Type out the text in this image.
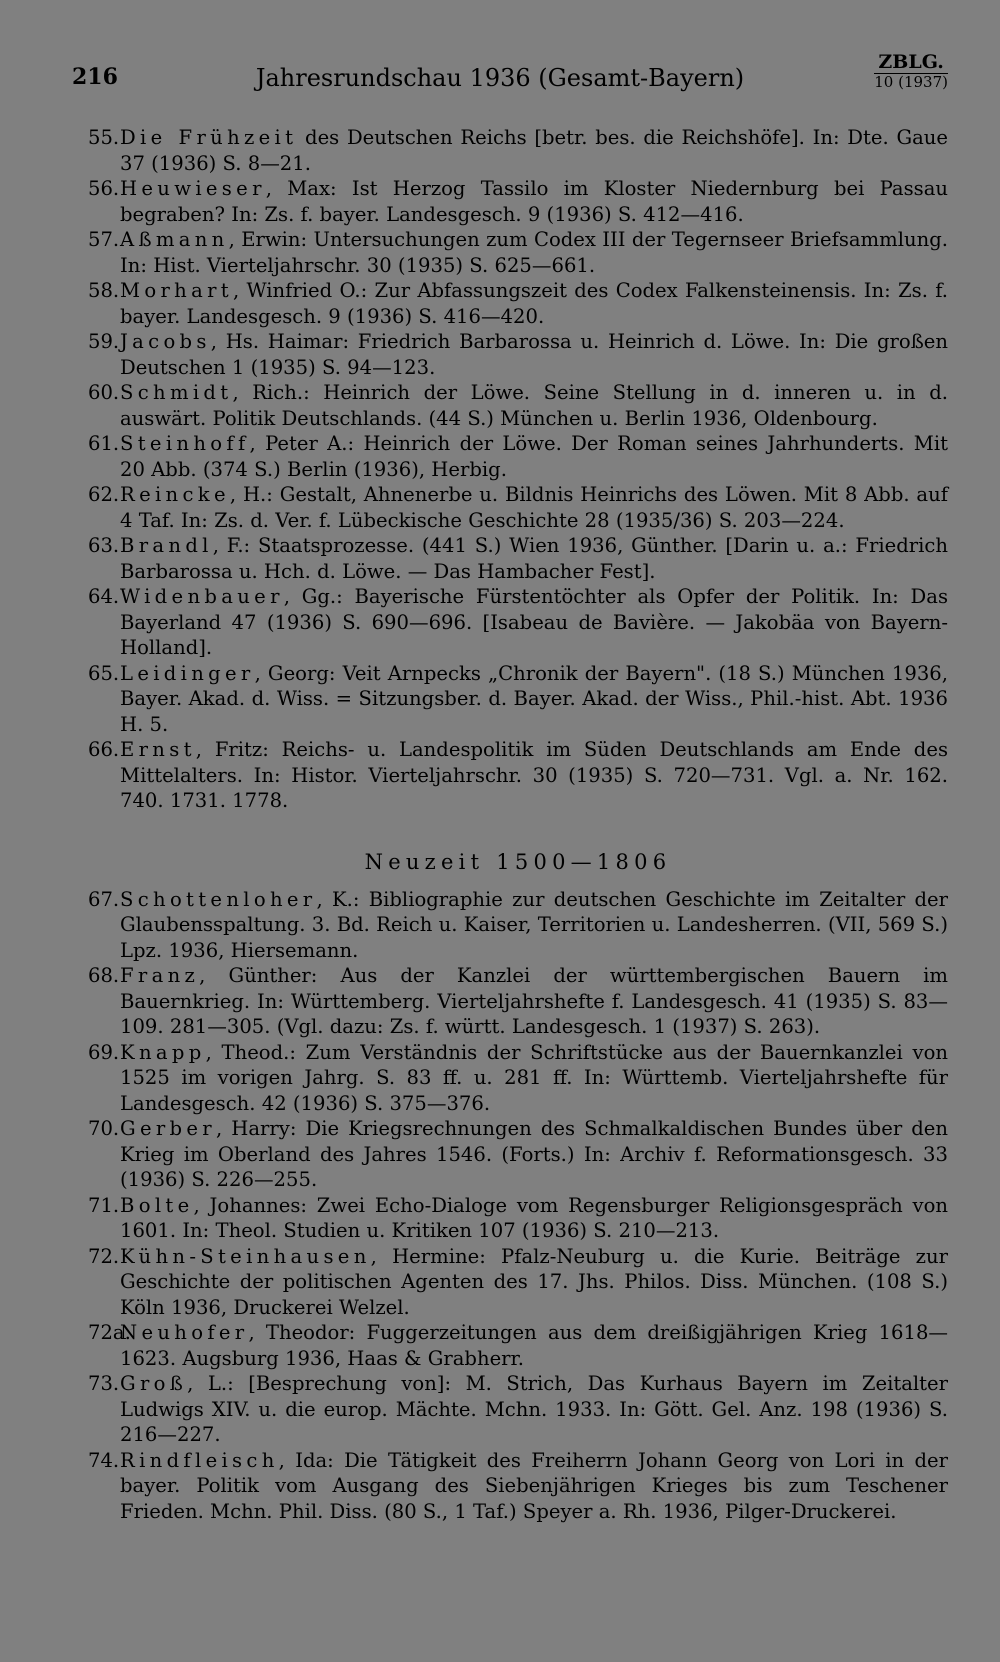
216	Jahresrundschau 1936 (Gesamt-Bayern)
ZBLG.
10 (1937)

55. Die Frühzeit des Deutschen Reichs [betr. bes. die Reichshöfe]. In: Dte. Gaue 37 (1936) S. 8—21.

56. Heuwieser, Max: Ist Herzog Tassilo im Kloster Niedernburg bei Passau begraben? In: Zs. f. bayer. Landesgesch. 9 (1936) S. 412—416.

57. Aßmann, Erwin: Untersuchungen zum Codex III der Tegernseer Briefsammlung. In: Hist. Vierteljahrschr. 30 (1935) S. 625—661.

58. Morhart, Winfried O.: Zur Abfassungszeit des Codex Falkensteinensis. In: Zs. f. bayer. Landesgesch. 9 (1936) S. 416—420.

59. Jacobs, Hs. Haimar: Friedrich Barbarossa u. Heinrich d. Löwe. In: Die großen Deutschen 1 (1935) S. 94—123.

60. Schmidt, Rich.: Heinrich der Löwe. Seine Stellung in d. inneren u. in d. auswärt. Politik Deutschlands. (44 S.) München u. Berlin 1936, Oldenbourg.

61. Steinhoff, Peter A.: Heinrich der Löwe. Der Roman seines Jahrhunderts. Mit 20 Abb. (374 S.) Berlin (1936), Herbig.

62. Reincke, H.: Gestalt, Ahnenerbe u. Bildnis Heinrichs des Löwen. Mit 8 Abb. auf 4 Taf. In: Zs. d. Ver. f. Lübeckische Geschichte 28 (1935/36) S. 203—224.

63. Brandl, F.: Staatsprozesse. (441 S.) Wien 1936, Günther. [Darin u. a.: Friedrich Barbarossa u. Hch. d. Löwe. — Das Hambacher Fest].

64. Widenbauer, Gg.: Bayerische Fürstentöchter als Opfer der Politik. In: Das Bayerland 47 (1936) S. 690—696. [Isabeau de Bavière. — Jakobäa von Bayern-Holland].

65. Leidinger, Georg: Veit Arnpecks „Chronik der Bayern". (18 S.) München 1936, Bayer. Akad. d. Wiss. = Sitzungsber. d. Bayer. Akad. der Wiss., Phil.-hist. Abt. 1936 H. 5.

66. Ernst, Fritz: Reichs- u. Landespolitik im Süden Deutschlands am Ende des Mittelalters. In: Histor. Vierteljahrschr. 30 (1935) S. 720—731. Vgl. a. Nr. 162. 740. 1731. 1778.

Neuzeit 1500—1806

67. Schottenloher, K.: Bibliographie zur deutschen Geschichte im Zeitalter der Glaubensspaltung. 3. Bd. Reich u. Kaiser, Territorien u. Landesherren. (VII, 569 S.) Lpz. 1936, Hiersemann.

68. Franz, Günther: Aus der Kanzlei der württembergischen Bauern im Bauernkrieg. In: Württemberg. Vierteljahrshefte f. Landesgesch. 41 (1935) S. 83—109. 281—305. (Vgl. dazu: Zs. f. württ. Landesgesch. 1 (1937) S. 263).

69. Knapp, Theod.: Zum Verständnis der Schriftstücke aus der Bauernkanzlei von 1525 im vorigen Jahrg. S. 83 ff. u. 281 ff. In: Württemb. Vierteljahrshefte für Landesgesch. 42 (1936) S. 375—376.

70. Gerber, Harry: Die Kriegsrechnungen des Schmalkaldischen Bundes über den Krieg im Oberland des Jahres 1546. (Forts.) In: Archiv f. Reformationsgesch. 33 (1936) S. 226—255.

71. Bolte, Johannes: Zwei Echo-Dialoge vom Regensburger Religionsgespräch von 1601. In: Theol. Studien u. Kritiken 107 (1936) S. 210—213.

72. Kühn-Steinhausen, Hermine: Pfalz-Neuburg u. die Kurie. Beiträge zur Geschichte der politischen Agenten des 17. Jhs. Philos. Diss. München. (108 S.) Köln 1936, Druckerei Welzel.

72a.
Neuhofer, Theodor: Fuggerzeitungen aus dem dreißigjährigen Krieg 1618—1623. Augsburg 1936, Haas & Grabherr.

73. Groß, L.: [Besprechung von]: M. Strich, Das Kurhaus Bayern im Zeitalter Ludwigs XIV. u. die europ. Mächte. Mchn. 1933. In: Gött. Gel. Anz. 198 (1936) S. 216—227.

74. Rindfleisch, Ida: Die Tätigkeit des Freiherrn Johann Georg von Lori in der bayer. Politik vom Ausgang des Siebenjährigen Krieges bis zum Teschener Frieden. Mchn. Phil. Diss. (80 S., 1 Taf.) Speyer a. Rh. 1936, Pilger-Druckerei.
